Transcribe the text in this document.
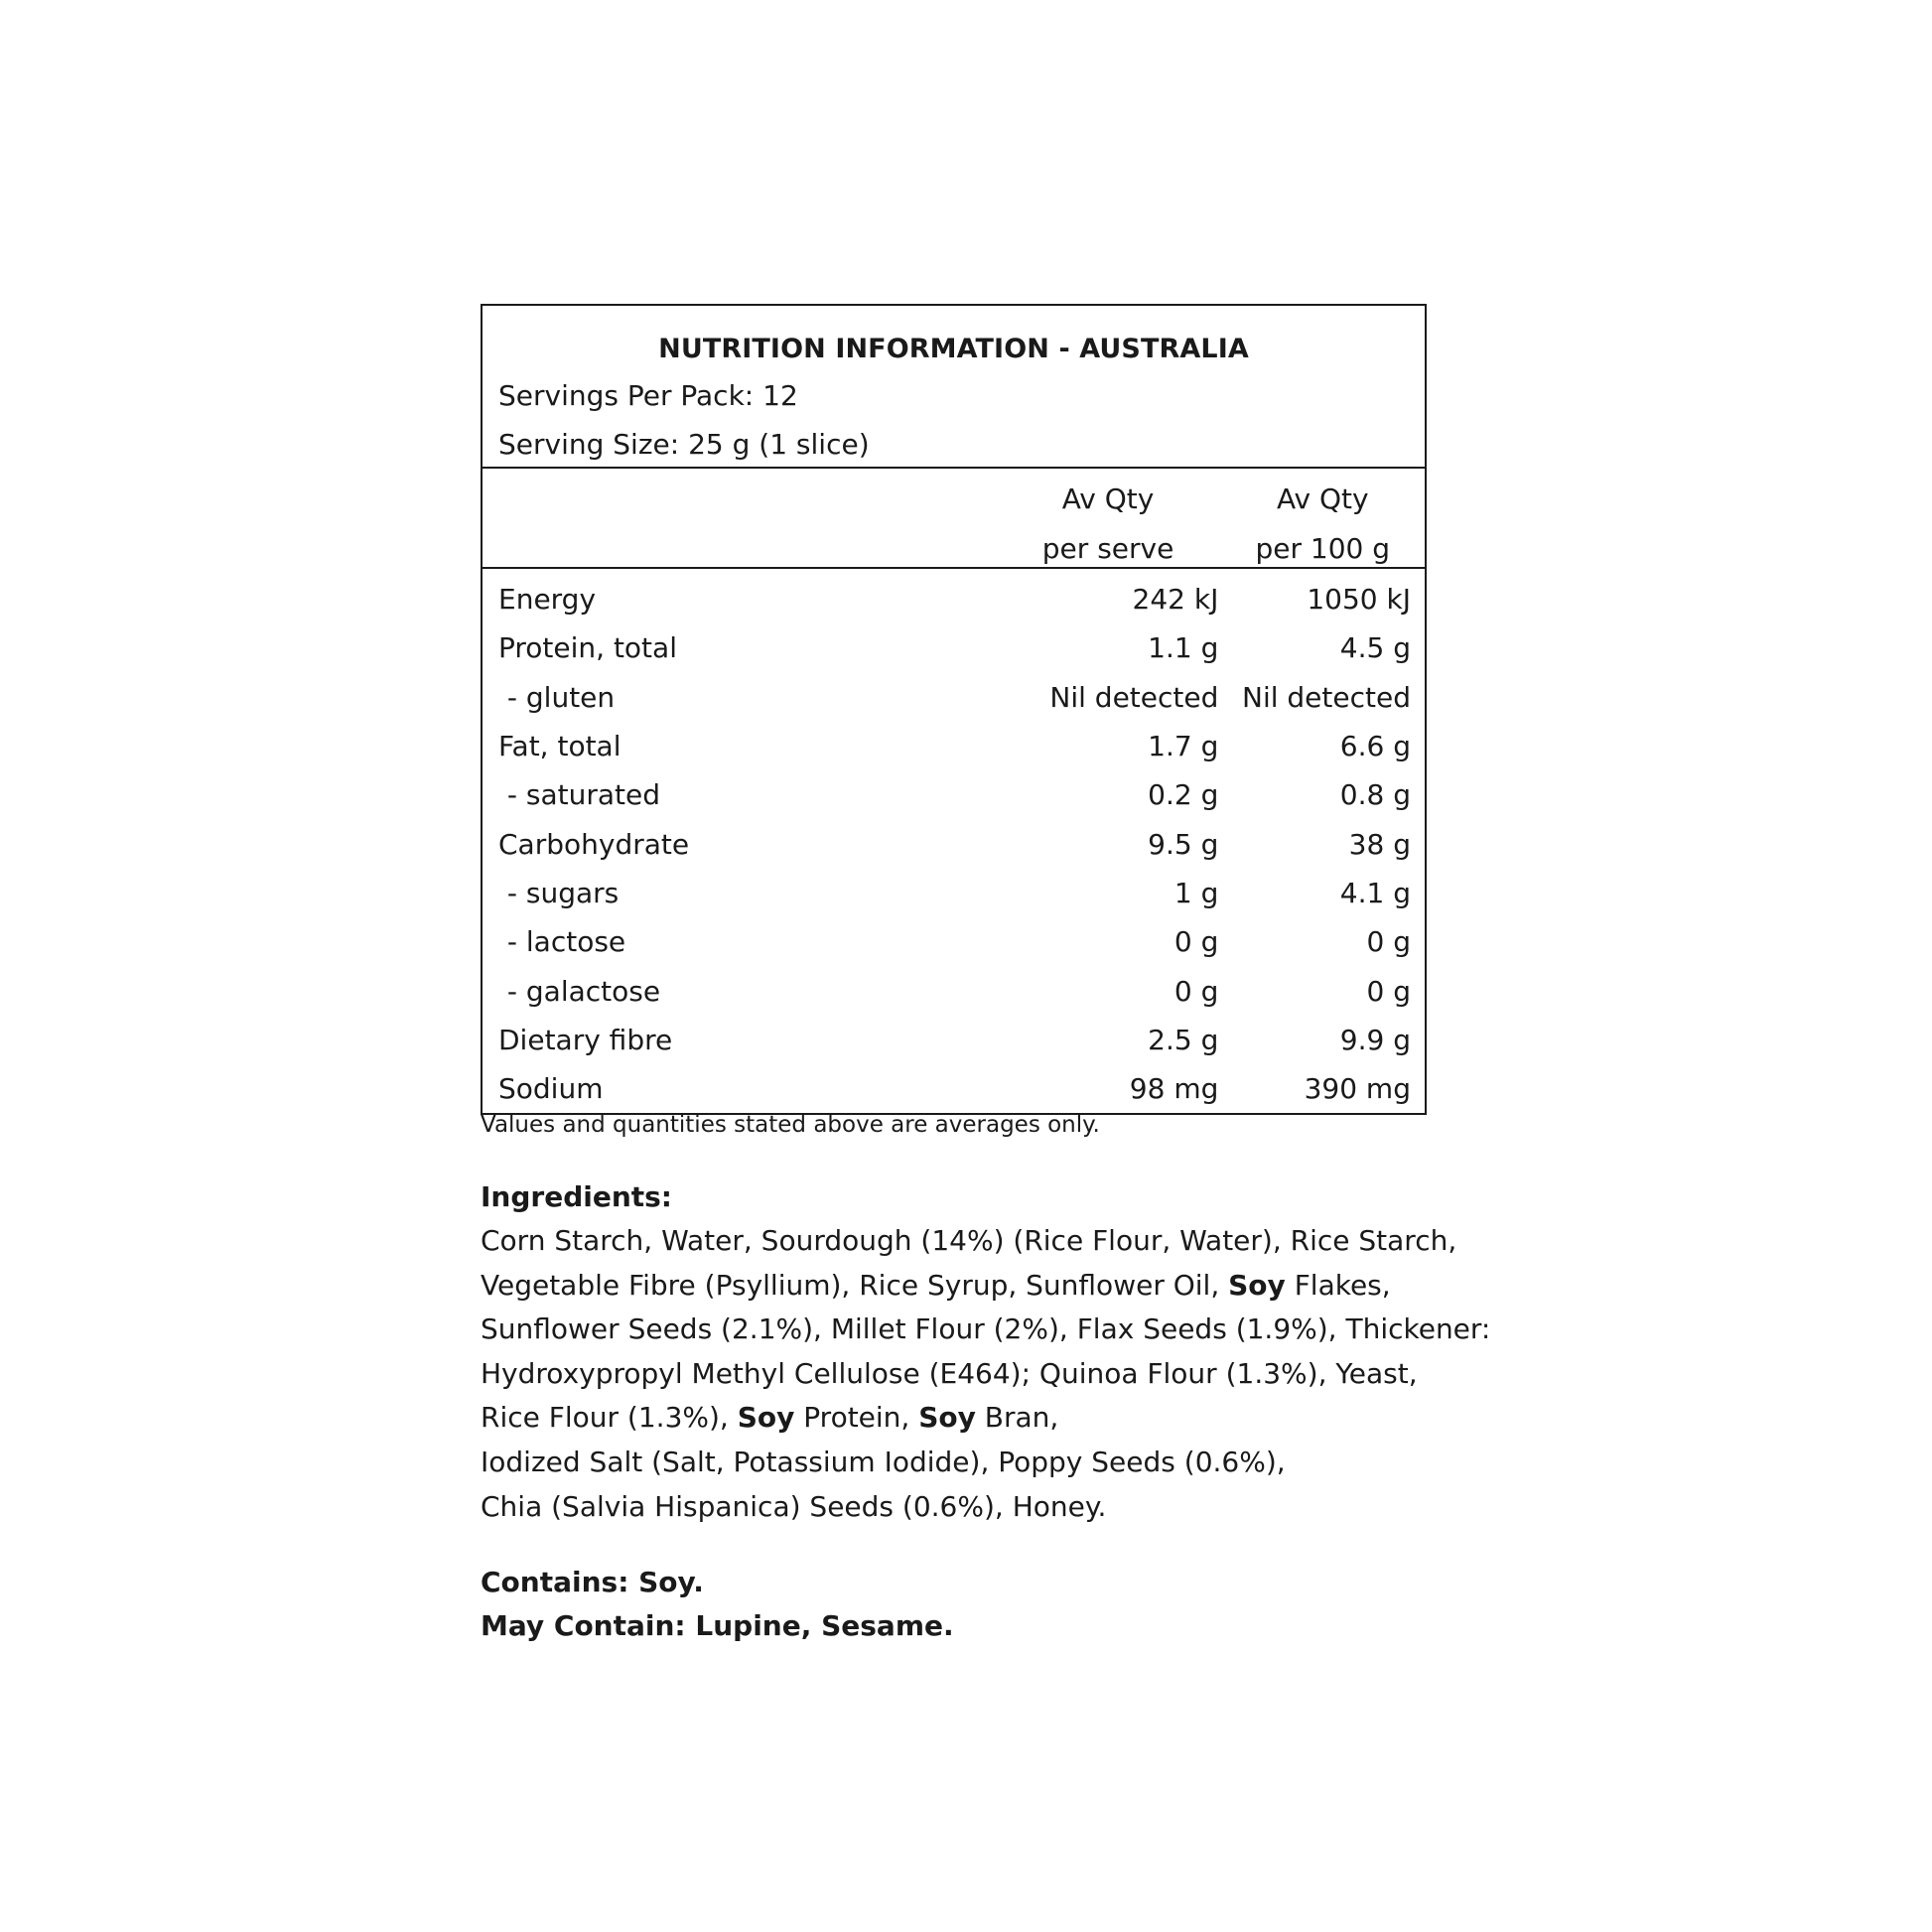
NUTRITION INFORMATION - AUSTRALIA

Servings Per Pack: 12

Serving Size: 25 g (1 slice)

Av Qty
per serve
Av Qty
per 100 g
Energy	242 kJ	1050 kJ
Protein, total	1.1 g	4.5 g
- gluten	Nil detected Nil detected
Fat, total	1.7 g	6.6 g
- saturated	0.2 g	0.8 g
Carbohydrate	9.5 g	38 g
- sugars	1 g	4.1 g
- lactose	0 g	0 g
- galactose	0 g	0 g
Dietary fibre	2.5 g	9.9 g
Sodium	98 mg	390 mg

Values and quantities stated above are averages only.

Ingredients:

Corn Starch, Water, Sourdough (14%) (Rice Flour, Water), Rice Starch,

Vegetable Fibre (Psyllium), Rice Syrup, Sunflower Oil, Soy Flakes,

Sunflower Seeds (2.1%), Millet Flour (2%), Flax Seeds (1.9%), Thickener:

Hydroxypropyl Methyl Cellulose (E464); Quinoa Flour (1.3%), Yeast,

Rice Flour (1.3%), Soy Protein, Soy Bran,

Iodized Salt (Salt, Potassium Iodide), Poppy Seeds (0.6%),

Chia (Salvia Hispanica) Seeds (0.6%), Honey.

Contains: Soy.

May Contain: Lupine, Sesame.
